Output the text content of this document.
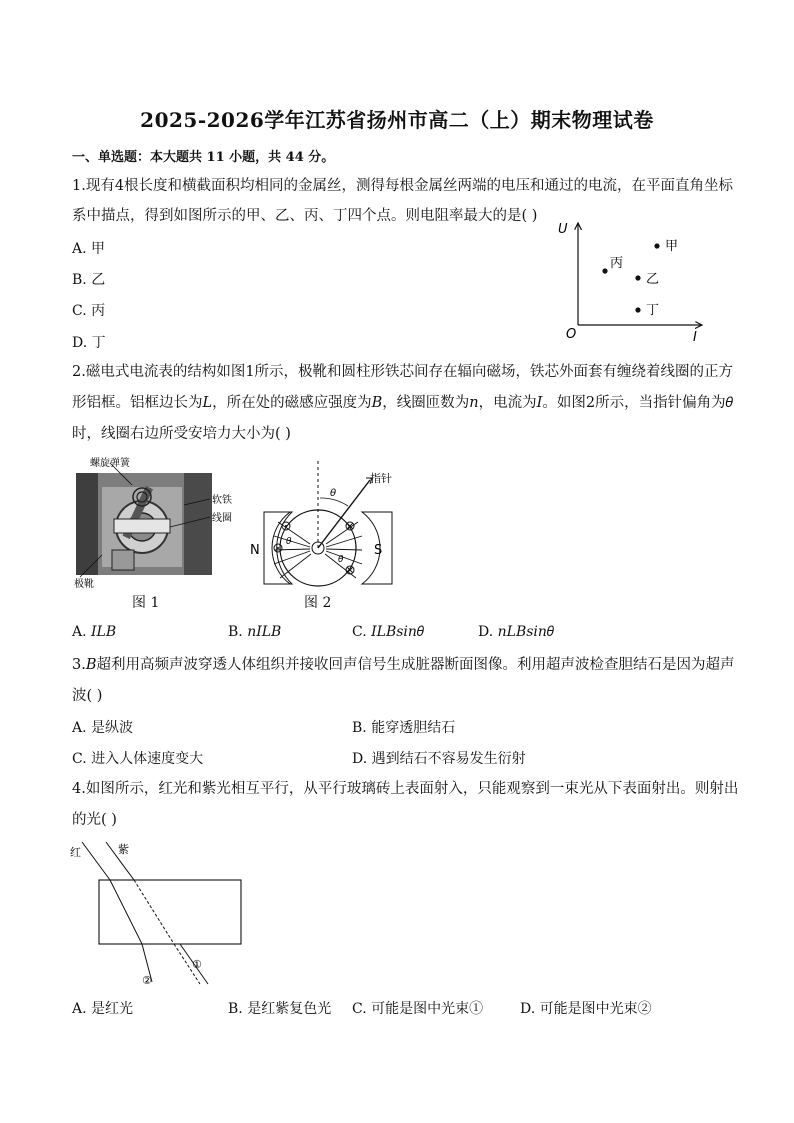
2025-2026学年江苏省扬州市高二（上）期末物理试卷
一、单选题：本大题共 11 小题，共 44 分。
1.现有4根长度和横截面积均相同的金属丝，测得每根金属丝两端的电压和通过的电流，在平面直角坐标
系中描点，得到如图所示的甲、乙、丙、丁四个点。则电阻率最大的是( )
A. 甲
B. 乙
C. 丙
D. 丁
U
I
O
甲
乙
丙
丁
2.磁电式电流表的结构如图1所示，极靴和圆柱形铁芯间存在辐向磁场，铁芯外面套有缠绕着线圈的正方
形铝框。铝框边长为𝐿，所在处的磁感应强度为𝐵，线圈匝数为𝑛，电流为𝐼。如图2所示，当指针偏角为𝜃
时，线圈右边所受安培力大小为( )
螺旋弹簧
软铁
线圈
极靴
图 1
θ
指针
N	S
θ
θ
图 2
A. 𝐼𝐿𝐵	B. 𝑛𝐼𝐿𝐵	C. 𝐼𝐿𝐵𝑠𝑖𝑛𝜃	D. 𝑛𝐿𝐵𝑠𝑖𝑛𝜃
3.𝐵超利用高频声波穿透人体组织并接收回声信号生成脏器断面图像。利用超声波检查胆结石是因为超声
波( )
A. 是纵波	B. 能穿透胆结石
C. 进入人体速度变大	D. 遇到结石不容易发生衍射
4.如图所示，红光和紫光相互平行，从平行玻璃砖上表面射入，只能观察到一束光从下表面射出。则射出
的光( )
红	紫
①
②
A. 是红光	B. 是红紫复色光 C. 可能是图中光束①	D. 可能是图中光束②
